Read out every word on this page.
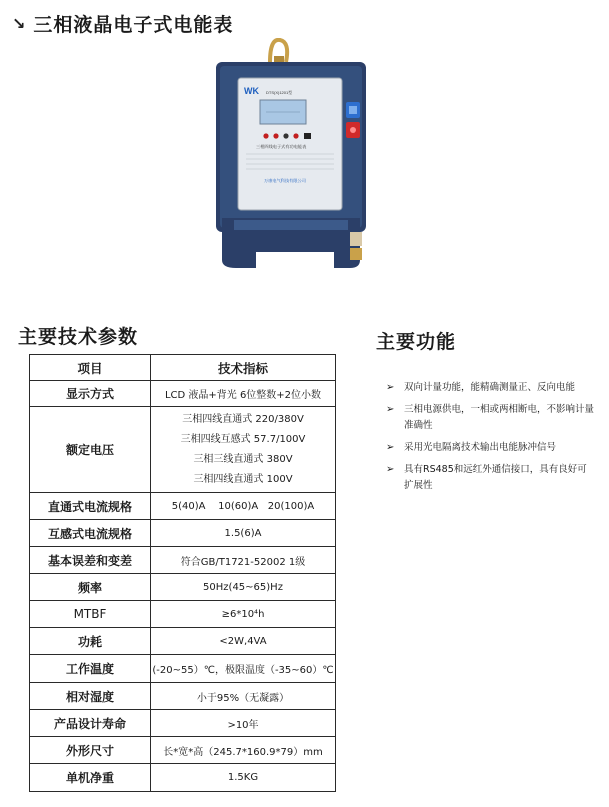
↘ 三相液晶电子式电能表
WK DTS(X)1201型
三相四线电子式有功电能表
万康电气科技有限公司
主要技术参数
项目	技术指标
显示方式	LCD 液晶+背光 6位整数+2位小数
额定电压	三相四线直通式 220/380V
三相四线互感式 57.7/100V
三相三线直通式 380V
三相四线直通式 100V

直通式电流规格	5(40)A    10(60)A   20(100)A
互感式电流规格	1.5(6)A
基本误差和变差	符合GB/T1721-52002 1级
频率	50Hz(45~65)Hz
MTBF	≥6*10⁴h
功耗	<2W,4VA
工作温度	(-20~55）℃，极限温度（-35~60）℃
相对湿度	小于95%（无凝露）
产品设计寿命	>10年
外形尺寸	长*宽*高（245.7*160.9*79）mm
单机净重	1.5KG
主要功能
➢ 双向计量功能，能精确测量正、反向电能
➢ 三相电源供电，一相或两相断电，不影响计量准确性
➢ 采用光电隔离技术输出电能脉冲信号
➢ 具有RS485和远红外通信接口，具有良好可扩展性
